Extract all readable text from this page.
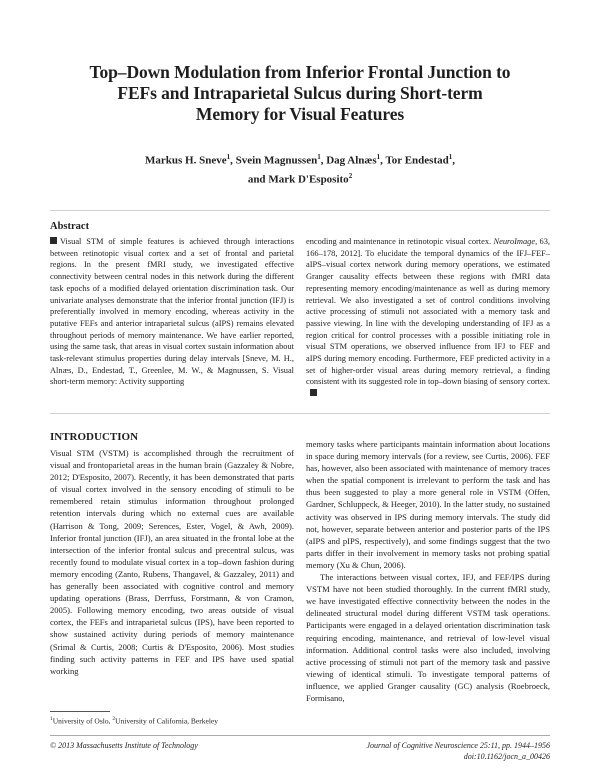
Top–Down Modulation from Inferior Frontal Junction to
FEFs and Intraparietal Sulcus during Short-term
Memory for Visual Features
Markus H. Sneve$^1$, Svein Magnussen$^1$, Dag Alnæs$^1$, Tor Endestad$^1$,
and Mark D'Esposito$^2$
Abstract

Visual STM of simple features is achieved through interactions between retinotopic visual cortex and a set of frontal and parietal regions. In the present fMRI study, we investigated effective connectivity between central nodes in this network during the different task epochs of a modified delayed orientation discrimination task. Our univariate analyses demonstrate that the inferior frontal junction (IFJ) is preferentially involved in memory encoding, whereas activity in the putative FEFs and anterior intraparietal sulcus (aIPS) remains elevated throughout periods of memory maintenance. We have earlier reported, using the same task, that areas in visual cortex sustain information about task-relevant stimulus properties during delay intervals [Sneve, M. H., Alnæs, D., Endestad, T., Greenlee, M. W., & Magnussen, S. Visual short-term memory: Activity supporting

encoding and maintenance in retinotopic visual cortex. NeuroImage, 63, 166–178, 2012]. To elucidate the temporal dynamics of the IFJ–FEF–aIPS–visual cortex network during memory operations, we estimated Granger causality effects between these regions with fMRI data representing memory encoding/maintenance as well as during memory retrieval. We also investigated a set of control conditions involving active processing of stimuli not associated with a memory task and passive viewing. In line with the developing understanding of IFJ as a region critical for control processes with a possible initiating role in visual STM operations, we observed influence from IFJ to FEF and aIPS during memory encoding. Furthermore, FEF predicted activity in a set of higher-order visual areas during memory retrieval, a finding consistent with its suggested role in top–down biasing of sensory cortex.

INTRODUCTION

Visual STM (VSTM) is accomplished through the recruitment of visual and frontoparietal areas in the human brain (Gazzaley & Nobre, 2012; D'Esposito, 2007). Recently, it has been demonstrated that parts of visual cortex involved in the sensory encoding of stimuli to be remembered retain stimulus information throughout prolonged retention intervals during which no external cues are available (Harrison & Tong, 2009; Serences, Ester, Vogel, & Awh, 2009). Inferior frontal junction (IFJ), an area situated in the frontal lobe at the intersection of the inferior frontal sulcus and precentral sulcus, was recently found to modulate visual cortex in a top–down fashion during memory encoding (Zanto, Rubens, Thangavel, & Gazzaley, 2011) and has generally been associated with cognitive control and memory updating operations (Brass, Derrfuss, Forstmann, & von Cramon, 2005). Following memory encoding, two areas outside of visual cortex, the FEFs and intraparietal sulcus (IPS), have been reported to show sustained activity during periods of memory maintenance (Srimal & Curtis, 2008; Curtis & D'Esposito, 2006). Most studies finding such activity patterns in FEF and IPS have used spatial working

memory tasks where participants maintain information about locations in space during memory intervals (for a review, see Curtis, 2006). FEF has, however, also been associated with maintenance of memory traces when the spatial component is irrelevant to perform the task and has thus been suggested to play a more general role in VSTM (Offen, Gardner, Schluppeck, & Heeger, 2010). In the latter study, no sustained activity was observed in IPS during memory intervals. The study did not, however, separate between anterior and posterior parts of the IPS (aIPS and pIPS, respectively), and some findings suggest that the two parts differ in their involvement in memory tasks not probing spatial memory (Xu & Chun, 2006).

The interactions between visual cortex, IFJ, and FEF/IPS during VSTM have not been studied thoroughly. In the current fMRI study, we have investigated effective connectivity between the nodes in the delineated structural model during different VSTM task operations. Participants were engaged in a delayed orientation discrimination task requiring encoding, maintenance, and retrieval of low-level visual information. Additional control tasks were also included, involving active processing of stimuli not part of the memory task and passive viewing of identical stimuli. To investigate temporal patterns of influence, we applied Granger causality (GC) analysis (Roebroeck, Formisano,

$^1$University of Oslo, $^2$University of California, Berkeley
© 2013 Massachusetts Institute of Technology	Journal of Cognitive Neuroscience 25:11, pp. 1944–1956
doi:10.1162/jocn_a_00426
